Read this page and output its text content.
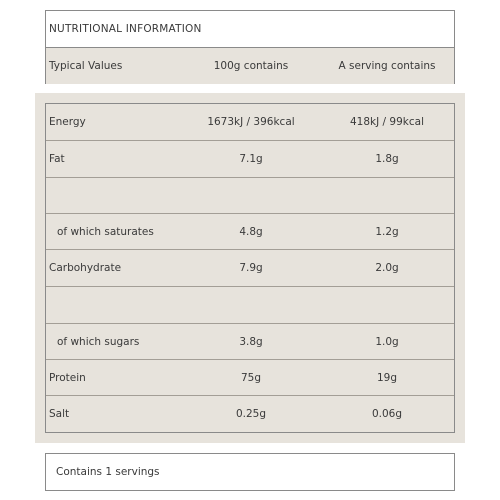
NUTRITIONAL INFORMATION
Typical Values	100g contains	A serving contains
Energy	1673kJ / 396kcal	418kJ / 99kcal
Fat	7.1g	1.8g
of which saturates	4.8g	1.2g
Carbohydrate	7.9g	2.0g
of which sugars	3.8g	1.0g
Protein	75g	19g
Salt	0.25g	0.06g
Contains 1 servings
